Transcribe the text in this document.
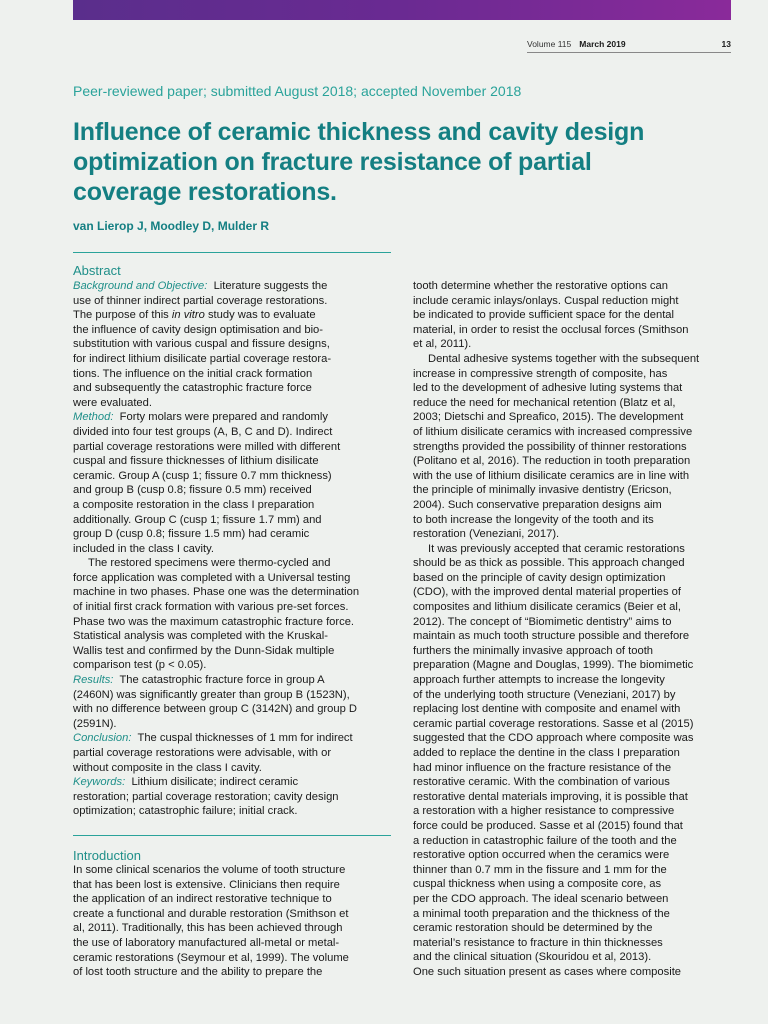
Volume 115 March 2019	13
Peer-reviewed paper; submitted August 2018; accepted November 2018
Influence of ceramic thickness and cavity design
optimization on fracture resistance of partial
coverage restorations.
van Lierop J, Moodley D, Mulder R
Abstract

Background and Objective: Literature suggests the
use of thinner indirect partial coverage restorations.
The purpose of this in vitro study was to evaluate
the influence of cavity design optimisation and bio-
substitution with various cuspal and fissure designs,
for indirect lithium disilicate partial coverage restora-
tions. The influence on the initial crack formation
and subsequently the catastrophic fracture force
were evaluated.

Method: Forty molars were prepared and randomly
divided into four test groups (A, B, C and D). Indirect
partial coverage restorations were milled with different
cuspal and fissure thicknesses of lithium disilicate
ceramic. Group A (cusp 1; fissure 0.7 mm thickness)
and group B (cusp 0.8; fissure 0.5 mm) received
a composite restoration in the class I preparation
additionally. Group C (cusp 1; fissure 1.7 mm) and
group D (cusp 0.8; fissure 1.5 mm) had ceramic
included in the class I cavity.

The restored specimens were thermo-cycled and
force application was completed with a Universal testing
machine in two phases. Phase one was the determination
of initial first crack formation with various pre-set forces.
Phase two was the maximum catastrophic fracture force.
Statistical analysis was completed with the Kruskal-
Wallis test and confirmed by the Dunn-Sidak multiple
comparison test (p < 0.05).

Results: The catastrophic fracture force in group A
(2460N) was significantly greater than group B (1523N),
with no difference between group C (3142N) and group D
(2591N).

Conclusion: The cuspal thicknesses of 1 mm for indirect
partial coverage restorations were advisable, with or
without composite in the class I cavity.

Keywords: Lithium disilicate; indirect ceramic
restoration; partial coverage restoration; cavity design
optimization; catastrophic failure; initial crack.

Introduction

In some clinical scenarios the volume of tooth structure
that has been lost is extensive. Clinicians then require
the application of an indirect restorative technique to
create a functional and durable restoration (Smithson et
al, 2011). Traditionally, this has been achieved through
the use of laboratory manufactured all-metal or metal-
ceramic restorations (Seymour et al, 1999). The volume
of lost tooth structure and the ability to prepare the

tooth determine whether the restorative options can
include ceramic inlays/onlays. Cuspal reduction might
be indicated to provide sufficient space for the dental
material, in order to resist the occlusal forces (Smithson
et al, 2011).

Dental adhesive systems together with the subsequent
increase in compressive strength of composite, has
led to the development of adhesive luting systems that
reduce the need for mechanical retention (Blatz et al,
2003; Dietschi and Spreafico, 2015). The development
of lithium disilicate ceramics with increased compressive
strengths provided the possibility of thinner restorations
(Politano et al, 2016). The reduction in tooth preparation
with the use of lithium disilicate ceramics are in line with
the principle of minimally invasive dentistry (Ericson,
2004). Such conservative preparation designs aim
to both increase the longevity of the tooth and its
restoration (Veneziani, 2017).

It was previously accepted that ceramic restorations
should be as thick as possible. This approach changed
based on the principle of cavity design optimization
(CDO), with the improved dental material properties of
composites and lithium disilicate ceramics (Beier et al,
2012). The concept of “Biomimetic dentistry” aims to
maintain as much tooth structure possible and therefore
furthers the minimally invasive approach of tooth
preparation (Magne and Douglas, 1999). The biomimetic
approach further attempts to increase the longevity
of the underlying tooth structure (Veneziani, 2017) by
replacing lost dentine with composite and enamel with
ceramic partial coverage restorations. Sasse et al (2015)
suggested that the CDO approach where composite was
added to replace the dentine in the class I preparation
had minor influence on the fracture resistance of the
restorative ceramic. With the combination of various
restorative dental materials improving, it is possible that
a restoration with a higher resistance to compressive
force could be produced. Sasse et al (2015) found that
a reduction in catastrophic failure of the tooth and the
restorative option occurred when the ceramics were
thinner than 0.7 mm in the fissure and 1 mm for the
cuspal thickness when using a composite core, as
per the CDO approach. The ideal scenario between
a minimal tooth preparation and the thickness of the
ceramic restoration should be determined by the
material’s resistance to fracture in thin thicknesses
and the clinical situation (Skouridou et al, 2013).
One such situation present as cases where composite
